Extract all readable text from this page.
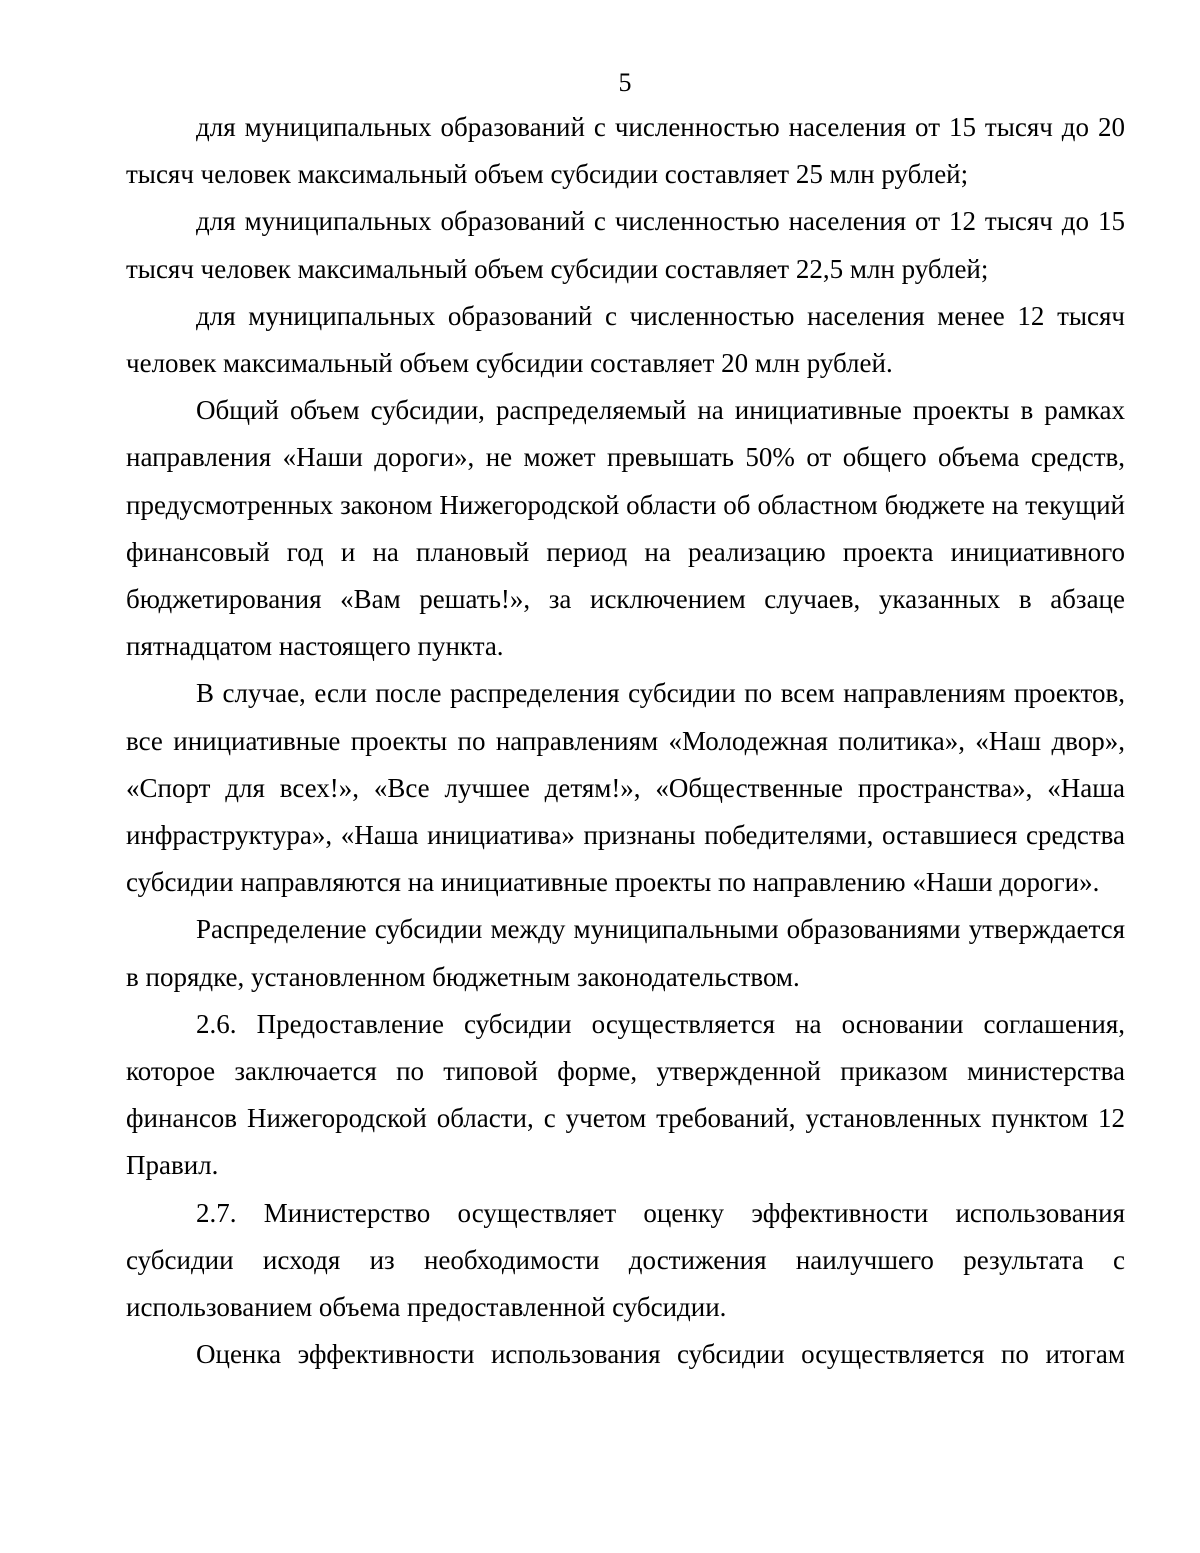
5

для муниципальных образований с численностью населения от 15 тысяч до 20 тысяч человек максимальный объем субсидии составляет 25 млн рублей;

для муниципальных образований с численностью населения от 12 тысяч до 15 тысяч человек максимальный объем субсидии составляет 22,5 млн рублей;

для муниципальных образований с численностью населения менее 12 тысяч человек максимальный объем субсидии составляет 20 млн рублей.

Общий объем субсидии, распределяемый на инициативные проекты в рамках направления «Наши дороги», не может превышать 50% от общего объема средств, предусмотренных законом Нижегородской области об областном бюджете на текущий финансовый год и на плановый период на реализацию проекта инициативного бюджетирования «Вам решать!», за исключением случаев, указанных в абзаце пятнадцатом настоящего пункта.

В случае, если после распределения субсидии по всем направлениям проектов, все инициативные проекты по направлениям «Молодежная политика», «Наш двор», «Спорт для всех!», «Все лучшее детям!», «Общественные пространства», «Наша инфраструктура», «Наша инициатива» признаны победителями, оставшиеся средства субсидии направляются на инициативные проекты по направлению «Наши дороги».

Распределение субсидии между муниципальными образованиями утверждается в порядке, установленном бюджетным законодательством.

2.6. Предоставление субсидии осуществляется на основании соглашения, которое заключается по типовой форме, утвержденной приказом министерства финансов Нижегородской области, с учетом требований, установленных пунктом 12 Правил.

2.7. Министерство осуществляет оценку эффективности использования субсидии исходя из необходимости достижения наилучшего результата с использованием объема предоставленной субсидии.

Оценка эффективности использования субсидии осуществляется по итогам
